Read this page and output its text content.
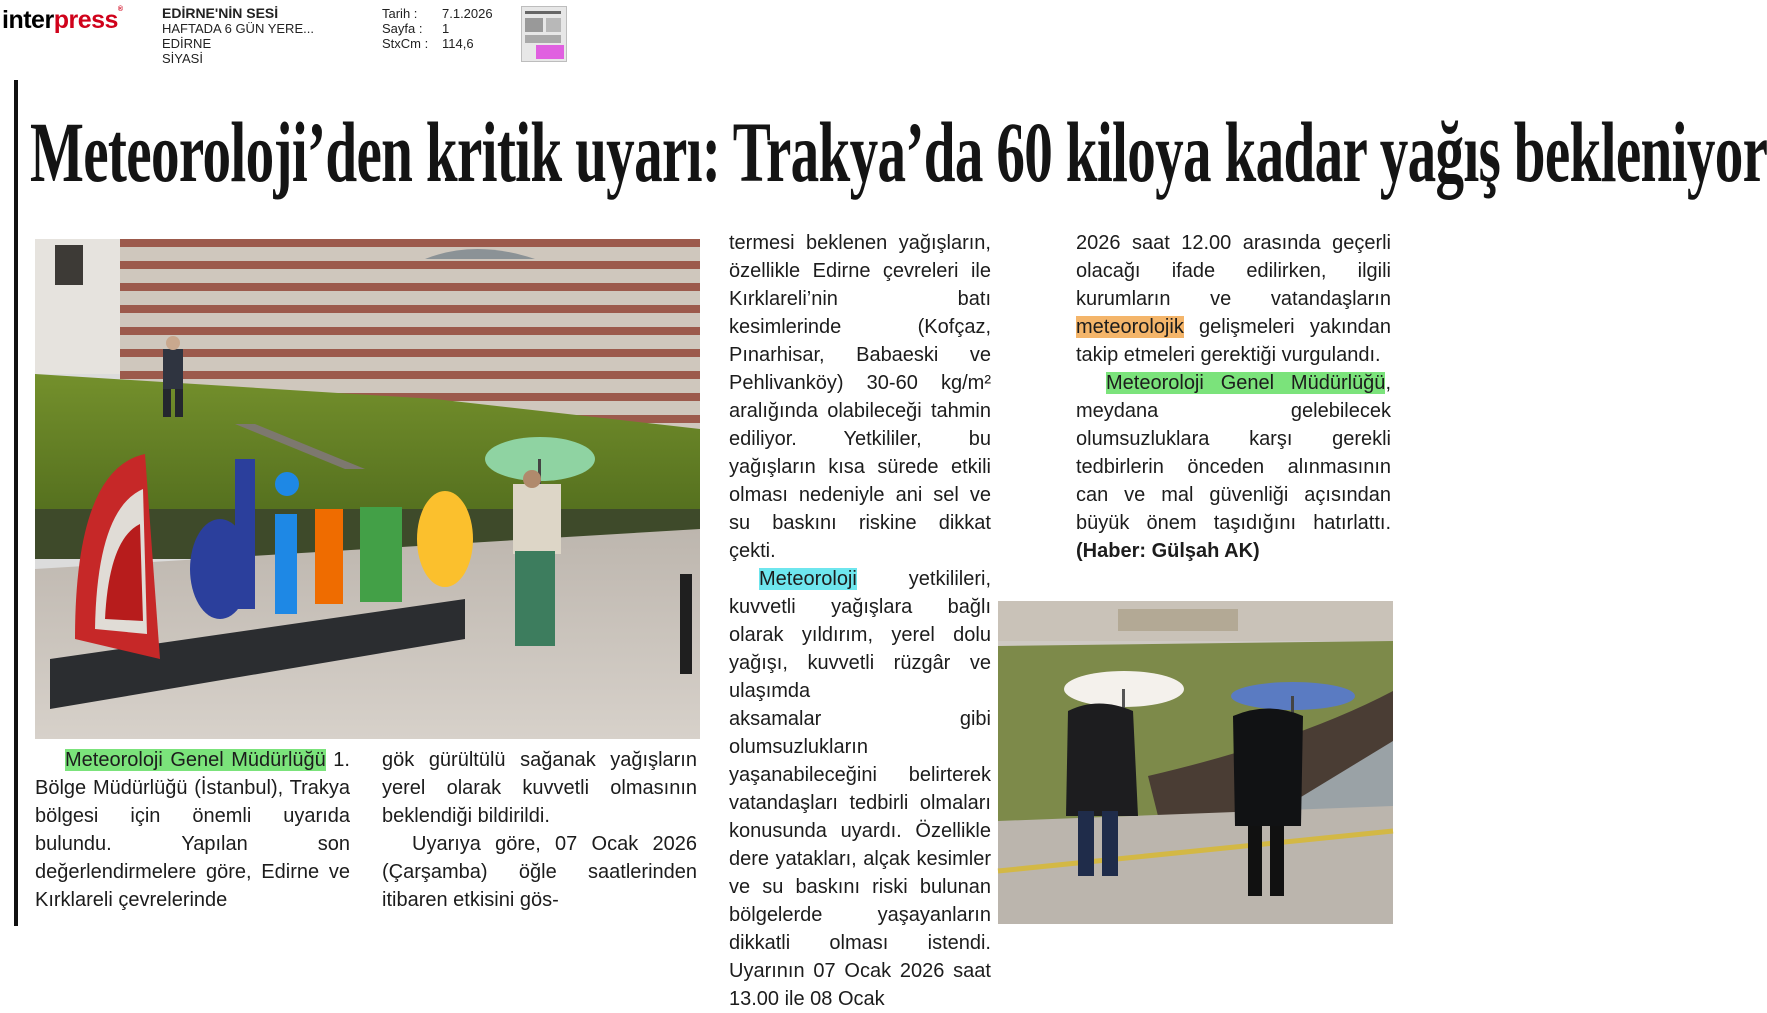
interpress®	EDİRNE'NİN SESİ
HAFTADA 6 GÜN YERE...
EDİRNE
SİYASİ
Tarih : 7.1.2026
Sayfa : 1
StxCm : 114,6
Meteoroloji’den kritik uyarı: Trakya’da 60 kiloya kadar yağış bekleniyor

Meteoroloji Genel Müdürlüğü 1. Bölge Müdürlüğü (İstanbul), Trakya bölgesi için önemli uyarıda bulundu. Yapılan son değerlendirmelere göre, Edirne ve Kırklareli çevrelerinde

gök gürültülü sağanak yağışların yerel olarak kuvvetli olmasının beklendiği bildirildi.

Uyarıya göre, 07 Ocak 2026 (Çarşamba) öğle saatlerinden itibaren etkisini gös-

termesi beklenen yağışların, özellikle Edirne çevreleri ile Kırklareli’nin batı kesimlerinde (Kofçaz, Pınarhisar, Babaeski ve Pehlivanköy) 30-60 kg/m² aralığında olabileceği tahmin ediliyor. Yetkililer, bu yağışların kısa sürede etkili olması nedeniyle ani sel ve su baskını riskine dikkat çekti.

Meteoroloji yetkilileri, kuvvetli yağışlara bağlı olarak yıldırım, yerel dolu yağışı, kuvvetli rüzgâr ve ulaşımda

aksamalar gibi olumsuzlukların yaşanabileceğini belirterek vatandaşları tedbirli olmaları konusunda uyardı. Özellikle dere yatakları, alçak kesimler ve su baskını riski bulunan bölgelerde yaşayanların dikkatli olması istendi. Uyarının 07 Ocak 2026 saat 13.00 ile 08 Ocak

2026 saat 12.00 arasında geçerli olacağı ifade edilirken, ilgili kurumların ve vatandaşların meteorolojik gelişmeleri yakından takip etmeleri gerektiği vurgulandı.

Meteoroloji Genel Müdürlüğü, meydana gelebilecek olumsuzluklara karşı gerekli tedbirlerin önceden alınmasının can ve mal güvenliği açısından büyük önem taşıdığını hatırlattı.(Haber: Gülşah AK)
